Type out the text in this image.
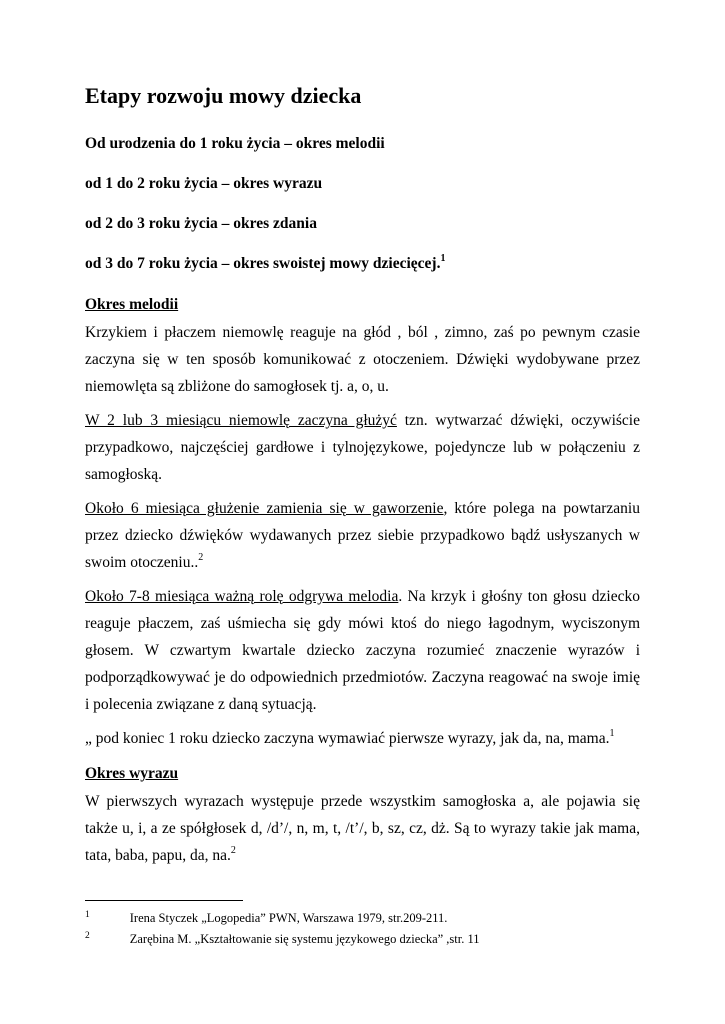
Etapy rozwoju mowy dziecka

Od urodzenia do 1 roku życia – okres melodii

od 1 do 2 roku życia – okres wyrazu

od 2 do 3 roku życia – okres zdania

od 3 do 7 roku życia – okres swoistej mowy dziecięcej.$^1$

Okres melodii

Krzykiem i płaczem niemowlę reaguje na głód , ból , zimno, zaś po pewnym czasie zaczyna się w ten sposób komunikować z otoczeniem. Dźwięki wydobywane przez niemowlęta są zbliżone do samogłosek tj. a, o, u.

W 2 lub 3 miesiącu niemowlę zaczyna głużyć tzn. wytwarzać dźwięki, oczywiście przypadkowo, najczęściej gardłowe i tylnojęzykowe, pojedyncze lub w połączeniu z samogłoską.

Około 6 miesiąca głużenie zamienia się w gaworzenie, które polega na powtarzaniu przez dziecko dźwięków wydawanych przez siebie przypadkowo bądź usłyszanych w swoim otoczeniu..$^2$

Około 7-8 miesiąca ważną rolę odgrywa melodia. Na krzyk i głośny ton głosu dziecko reaguje płaczem, zaś uśmiecha się gdy mówi ktoś do niego łagodnym, wyciszonym głosem. W czwartym kwartale dziecko zaczyna rozumieć znaczenie wyrazów i podporządkowywać je do odpowiednich przedmiotów. Zaczyna reagować na swoje imię i polecenia związane z daną sytuacją.

„ pod koniec 1 roku dziecko zaczyna wymawiać pierwsze wyrazy, jak da, na, mama.$^1$

Okres wyrazu

W pierwszych wyrazach występuje przede wszystkim samogłoska a, ale pojawia się także u, i, a ze spółgłosek d, /d’/, n, m, t, /t’/, b, sz, cz, dż. Są to wyrazy takie jak mama, tata, baba, papu, da, na.$^2$

$^1$	Irena Styczek „Logopedia” PWN, Warszawa 1979, str.209-211.

$^2$	Zarębina M. „Kształtowanie się systemu językowego dziecka” ,str. 11
